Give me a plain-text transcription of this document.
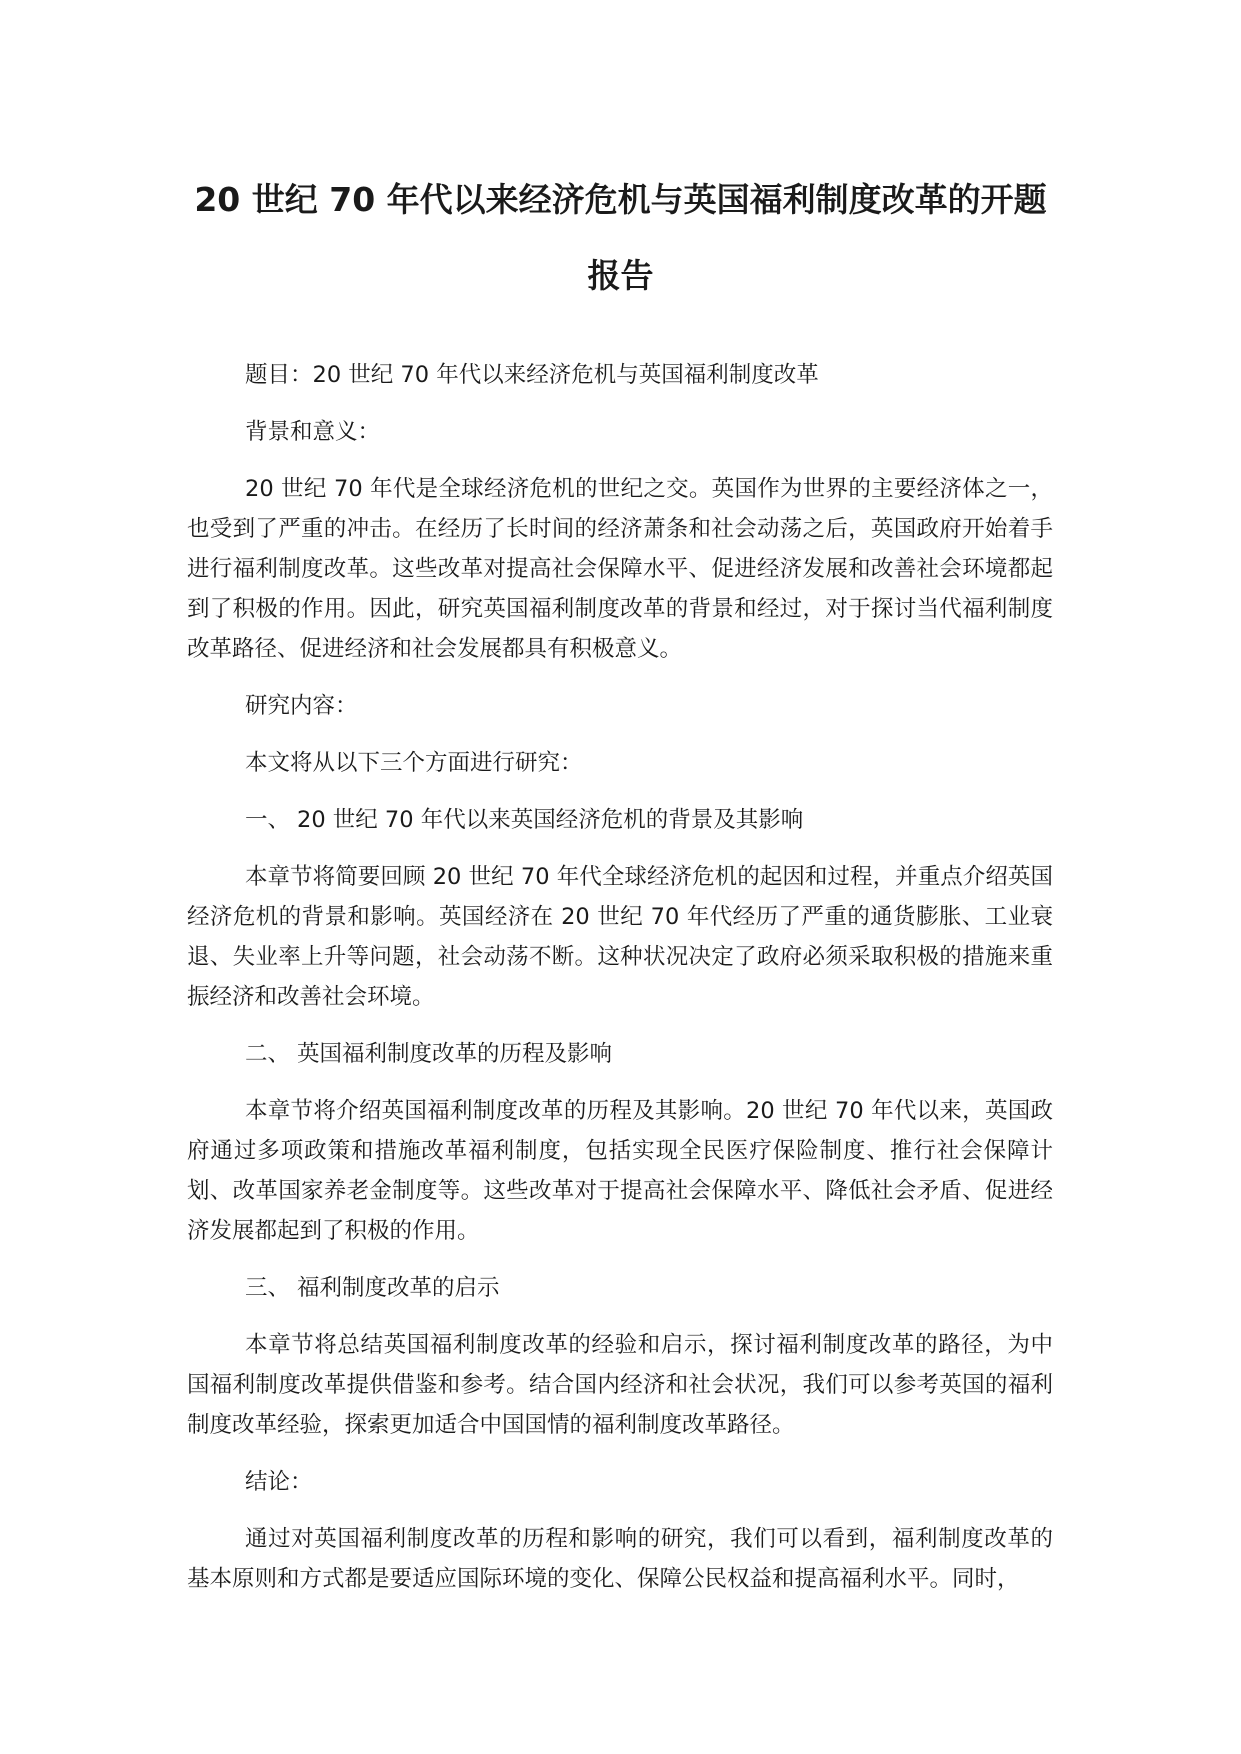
20 世纪 70 年代以来经济危机与英国福利制度改革的开题
报告

题目：20 世纪 70 年代以来经济危机与英国福利制度改革

背景和意义：

20 世纪 70 年代是全球经济危机的世纪之交。英国作为世界的主要经济体之一，也受到了严重的冲击。在经历了长时间的经济萧条和社会动荡之后，英国政府开始着手进行福利制度改革。这些改革对提高社会保障水平、促进经济发展和改善社会环境都起到了积极的作用。因此，研究英国福利制度改革的背景和经过，对于探讨当代福利制度改革路径、促进经济和社会发展都具有积极意义。

研究内容：

本文将从以下三个方面进行研究：

一、 20 世纪 70 年代以来英国经济危机的背景及其影响

本章节将简要回顾 20 世纪 70 年代全球经济危机的起因和过程，并重点介绍英国经济危机的背景和影响。英国经济在 20 世纪 70 年代经历了严重的通货膨胀、工业衰退、失业率上升等问题，社会动荡不断。这种状况决定了政府必须采取积极的措施来重振经济和改善社会环境。

二、 英国福利制度改革的历程及影响

本章节将介绍英国福利制度改革的历程及其影响。20 世纪 70 年代以来，英国政府通过多项政策和措施改革福利制度，包括实现全民医疗保险制度、推行社会保障计划、改革国家养老金制度等。这些改革对于提高社会保障水平、降低社会矛盾、促进经济发展都起到了积极的作用。

三、 福利制度改革的启示

本章节将总结英国福利制度改革的经验和启示，探讨福利制度改革的路径，为中国福利制度改革提供借鉴和参考。结合国内经济和社会状况，我们可以参考英国的福利制度改革经验，探索更加适合中国国情的福利制度改革路径。

结论：

通过对英国福利制度改革的历程和影响的研究，我们可以看到，福利制度改革的基本原则和方式都是要适应国际环境的变化、保障公民权益和提高福利水平。同时，
